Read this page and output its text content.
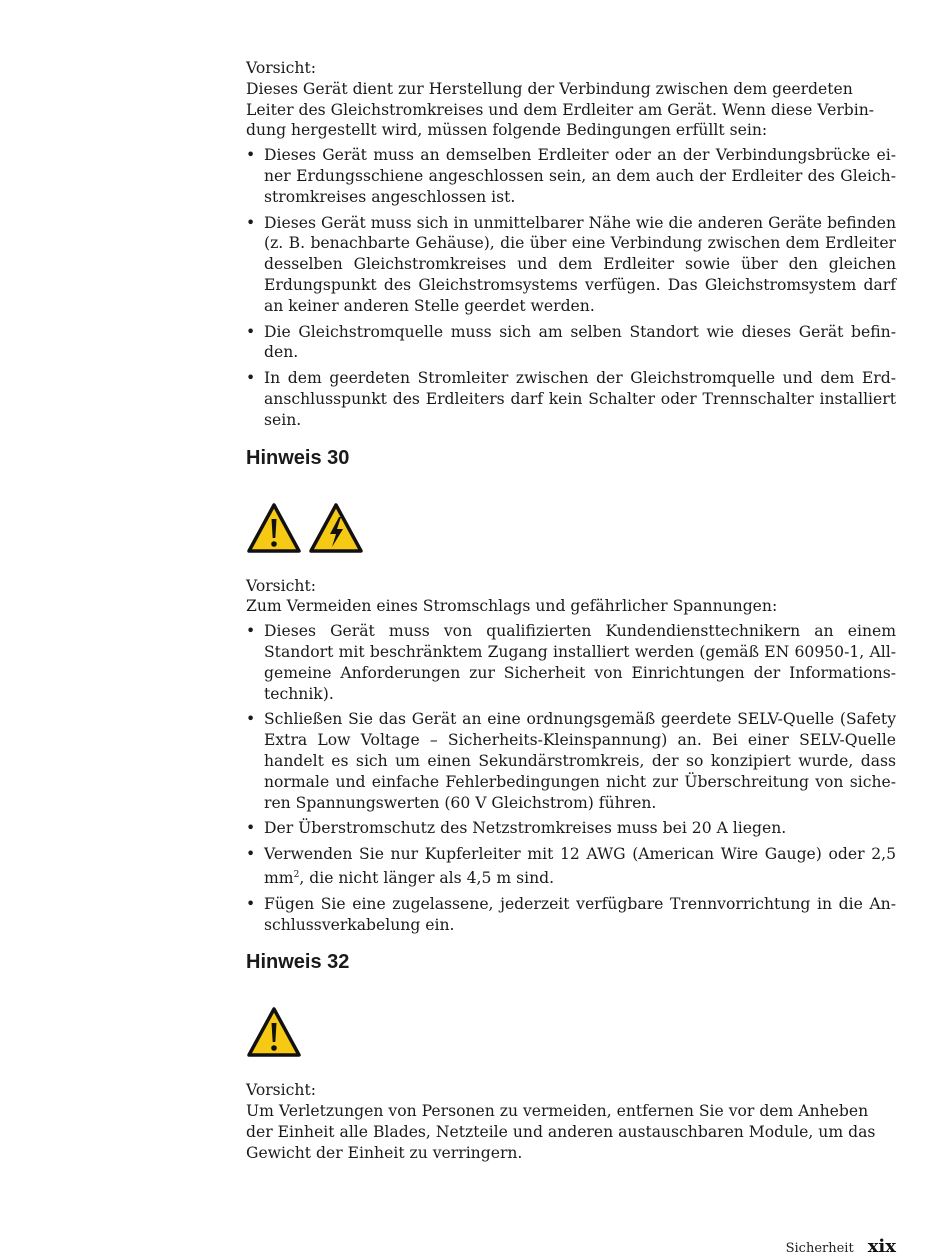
Vorsicht:

Dieses Gerät dient zur Herstellung der Verbindung zwischen dem geerdeten Leiter des Gleichstromkreises und dem Erdleiter am Gerät. Wenn diese Verbindung hergestellt wird, müssen folgende Bedingungen erfüllt sein:

• Dieses Gerät muss an demselben Erdleiter oder an der Verbindungsbrücke einer Erdungsschiene angeschlossen sein, an dem auch der Erdleiter des Gleichstromkreises angeschlossen ist.
• Dieses Gerät muss sich in unmittelbarer Nähe wie die anderen Geräte befinden (z. B. benachbarte Gehäuse), die über eine Verbindung zwischen dem Erdleiter desselben Gleichstromkreises und dem Erdleiter sowie über den gleichen Erdungspunkt des Gleichstromsystems verfügen. Das Gleichstromsystem darf an keiner anderen Stelle geerdet werden.
• Die Gleichstromquelle muss sich am selben Standort wie dieses Gerät befinden.
• In dem geerdeten Stromleiter zwischen der Gleichstromquelle und dem Erdanschlusspunkt des Erdleiters darf kein Schalter oder Trennschalter installiert sein.
Hinweis 30

Vorsicht:

Zum Vermeiden eines Stromschlags und gefährlicher Spannungen:

• Dieses Gerät muss von qualifizierten Kundendiensttechnikern an einem Standort mit beschränktem Zugang installiert werden (gemäß EN 60950-1, Allgemeine Anforderungen zur Sicherheit von Einrichtungen der Informationstechnik).
• Schließen Sie das Gerät an eine ordnungsgemäß geerdete SELV-Quelle (Safety Extra Low Voltage – Sicherheits-Kleinspannung) an. Bei einer SELV-Quelle handelt es sich um einen Sekundärstromkreis, der so konzipiert wurde, dass normale und einfache Fehlerbedingungen nicht zur Überschreitung von sicheren Spannungswerten (60 V Gleichstrom) führen.
• Der Überstromschutz des Netzstromkreises muss bei 20 A liegen.
• Verwenden Sie nur Kupferleiter mit 12 AWG (American Wire Gauge) oder 2,5 $mm^2$, die nicht länger als 4,5 m sind.
• Fügen Sie eine zugelassene, jederzeit verfügbare Trennvorrichtung in die Anschlussverkabelung ein.
Hinweis 32

Vorsicht:

Um Verletzungen von Personen zu vermeiden, entfernen Sie vor dem Anheben der Einheit alle Blades, Netzteile und anderen austauschbaren Module, um das Gewicht der Einheit zu verringern.

Sicherheit xix
